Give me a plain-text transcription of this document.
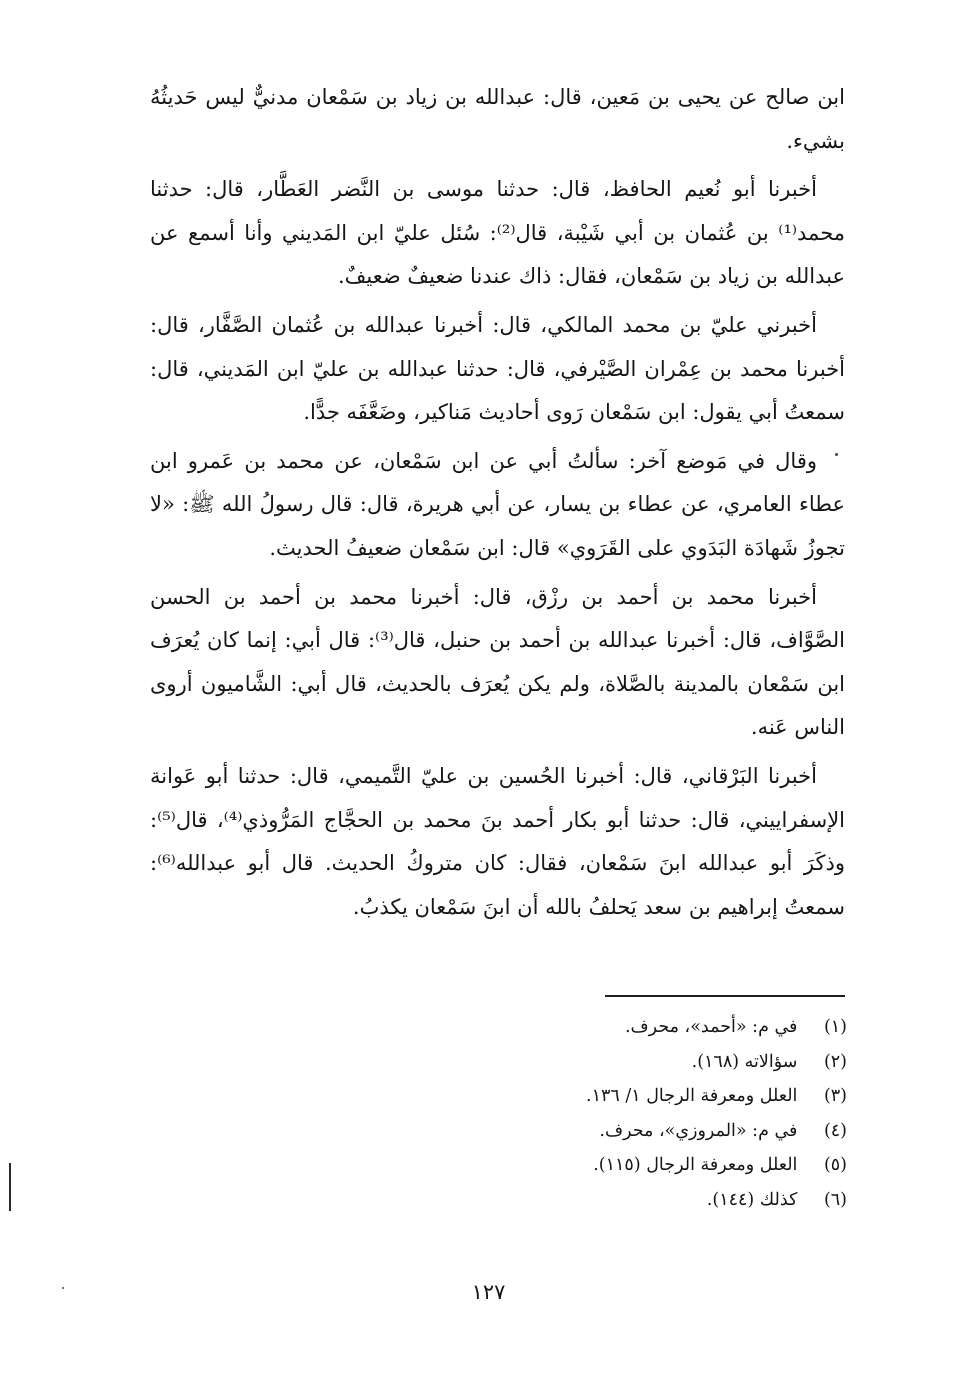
ابن صالح عن يحيى بن مَعين، قال: عبدالله بن زياد بن سَمْعان مدنيٌّ ليس حَديثُهُ بشيء.

أخبرنا أبو نُعيم الحافظ، قال: حدثنا موسى بن النَّضر العَطَّار، قال: حدثنا محمد⁽¹⁾ بن عُثمان بن أبي شَيْبة، قال⁽²⁾: سُئل عليّ ابن المَديني وأنا أسمع عن عبدالله بن زياد بن سَمْعان، فقال: ذاك عندنا ضعيفٌ ضعيفٌ.

أخبرني عليّ بن محمد المالكي، قال: أخبرنا عبدالله بن عُثمان الصَّفَّار، قال: أخبرنا محمد بن عِمْران الصَّيْرفي، قال: حدثنا عبدالله بن عليّ ابن المَديني، قال: سمعتُ أبي يقول: ابن سَمْعان رَوى أحاديث مَناكير، وضَعَّفَه جدًّا.

وقال في مَوضع آخر: سألتُ أبي عن ابن سَمْعان، عن محمد بن عَمرو ابن عطاء العامري، عن عطاء بن يسار، عن أبي هريرة، قال: قال رسولُ الله ﷺ: «لا تجوزُ شَهادَة البَدَوي على القَرَوي» قال: ابن سَمْعان ضعيفُ الحديث.

أخبرنا محمد بن أحمد بن رزْق، قال: أخبرنا محمد بن أحمد بن الحسن الصَّوَّاف، قال: أخبرنا عبدالله بن أحمد بن حنبل، قال⁽³⁾: قال أبي: إنما كان يُعرَف ابن سَمْعان بالمدينة بالصَّلاة، ولم يكن يُعرَف بالحديث، قال أبي: الشَّاميون أروى الناس عَنه.

أخبرنا البَرْقاني، قال: أخبرنا الحُسين بن عليّ التَّميمي، قال: حدثنا أبو عَوانة الإسفراييني، قال: حدثنا أبو بكار أحمد بنَ محمد بن الحجَّاج المَرُّوذي⁽⁴⁾، قال⁽⁵⁾: وذكَرَ أبو عبدالله ابنَ سَمْعان، فقال: كان متروكُ الحديث. قال أبو عبدالله⁽⁶⁾: سمعتُ إبراهيم بن سعد يَحلفُ بالله أن ابنَ سَمْعان يكذبُ.

(١) في م: «أحمد»، محرف.
(٢) سؤالاته (١٦٨).
(٣) العلل ومعرفة الرجال ١/ ١٣٦.
(٤) في م: «المروزي»، محرف.
(٥) العلل ومعرفة الرجال (١١٥).
(٦) كذلك (١٤٤).
١٢٧
